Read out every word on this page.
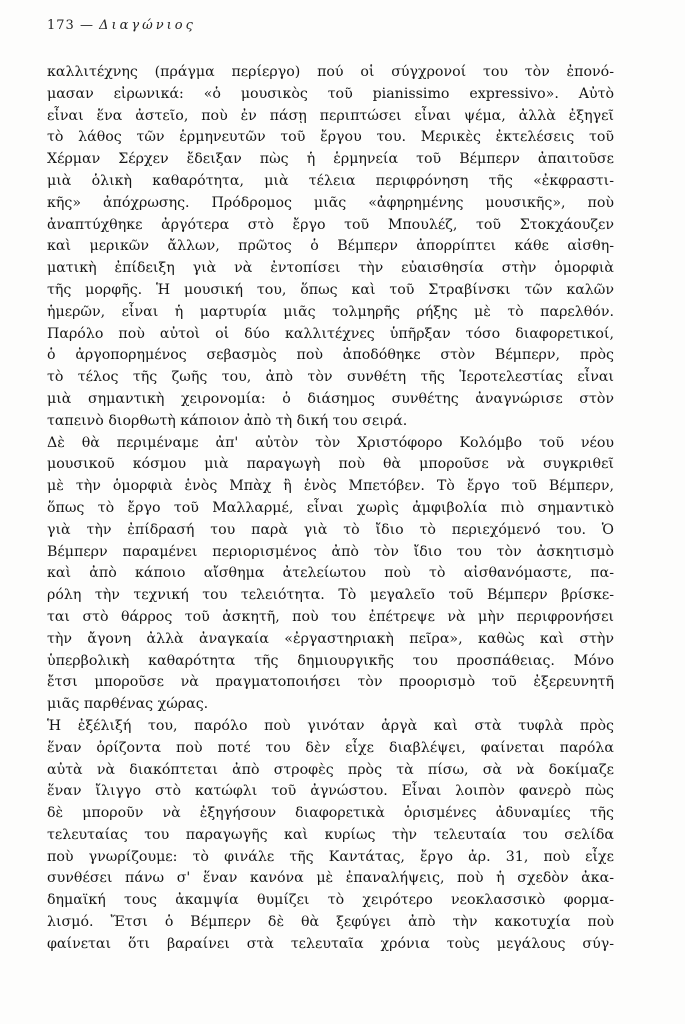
173 — Διαγώνιος
καλλιτέχνης (πράγμα περίεργο) πού οἱ σύγχρονοί του τὸν ἐπονό-
μασαν εἰρωνικά: «ὁ μουσικὸς τοῦ pianissimo expressivo». Αὐτὸ
εἶναι ἕνα ἀστεῖο, ποὺ ἐν πάσῃ περιπτώσει εἶναι ψέμα, ἀλλὰ ἐξηγεῖ
τὸ λάθος τῶν ἑρμηνευτῶν τοῦ ἔργου του. Μερικὲς ἐκτελέσεις τοῦ
Χέρμαν Σέρχεν ἔδειξαν πὼς ἡ ἑρμηνεία τοῦ Βέμπερν ἀπαιτοῦσε
μιὰ ὁλικὴ καθαρότητα, μιὰ τέλεια περιφρόνηση τῆς «ἐκφραστι-
κῆς» ἀπόχρωσης. Πρόδρομος μιᾶς «ἀφηρημένης μουσικῆς», ποὺ
ἀναπτύχθηκε ἀργότερα στὸ ἔργο τοῦ Μπουλέζ, τοῦ Στοκχάουζεν
καὶ μερικῶν ἄλλων, πρῶτος ὁ Βέμπερν ἀπορρίπτει κάθε αἰσθη-
ματικὴ ἐπίδειξη γιὰ νὰ ἐντοπίσει τὴν εὐαισθησία στὴν ὁμορφιὰ
τῆς μορφῆς. Ἡ μουσική του, ὅπως καὶ τοῦ Στραβίνσκι τῶν καλῶν
ἡμερῶν, εἶναι ἡ μαρτυρία μιᾶς τολμηρῆς ρήξης μὲ τὸ παρελθόν.
Παρόλο ποὺ αὐτοὶ οἱ δύο καλλιτέχνες ὑπῆρξαν τόσο διαφορετικοί,
ὁ ἀργοπορημένος σεβασμὸς ποὺ ἀποδόθηκε στὸν Βέμπερν, πρὸς
τὸ τέλος τῆς ζωῆς του, ἀπὸ τὸν συνθέτη τῆς Ἱεροτελεστίας εἶναι
μιὰ σημαντικὴ χειρονομία: ὁ διάσημος συνθέτης ἀναγνώρισε στὸν
ταπεινὸ διορθωτὴ κάποιον ἀπὸ τὴ δική του σειρά.
Δὲ θὰ περιμέναμε ἀπ' αὐτὸν τὸν Χριστόφορο Κολόμβο τοῦ νέου
μουσικοῦ κόσμου μιὰ παραγωγὴ ποὺ θὰ μποροῦσε νὰ συγκριθεῖ
μὲ τὴν ὁμορφιὰ ἑνὸς Μπὰχ ἢ ἑνὸς Μπετόβεν. Τὸ ἔργο τοῦ Βέμπερν,
ὅπως τὸ ἔργο τοῦ Μαλλαρμέ, εἶναι χωρὶς ἀμφιβολία πιὸ σημαντικὸ
γιὰ τὴν ἐπίδρασή του παρὰ γιὰ τὸ ἴδιο τὸ περιεχόμενό του. Ὁ
Βέμπερν παραμένει περιορισμένος ἀπὸ τὸν ἴδιο του τὸν ἀσκητισμὸ
καὶ ἀπὸ κάποιο αἴσθημα ἀτελείωτου ποὺ τὸ αἰσθανόμαστε, πα-
ρόλη τὴν τεχνική του τελειότητα. Τὸ μεγαλεῖο τοῦ Βέμπερν βρίσκε-
ται στὸ θάρρος τοῦ ἀσκητῆ, ποὺ του ἐπέτρεψε νὰ μὴν περιφρονήσει
τὴν ἄγονη ἀλλὰ ἀναγκαία «ἐργαστηριακὴ πεῖρα», καθὼς καὶ στὴν
ὑπερβολικὴ καθαρότητα τῆς δημιουργικῆς του προσπάθειας. Μόνο
ἔτσι μποροῦσε νὰ πραγματοποιήσει τὸν προορισμὸ τοῦ ἐξερευνητῆ
μιᾶς παρθένας χώρας.
Ἡ ἐξέλιξή του, παρόλο ποὺ γινόταν ἀργὰ καὶ στὰ τυφλὰ πρὸς
ἕναν ὁρίζοντα ποὺ ποτέ του δὲν εἶχε διαβλέψει, φαίνεται παρόλα
αὐτὰ νὰ διακόπτεται ἀπὸ στροφὲς πρὸς τὰ πίσω, σὰ νὰ δοκίμαζε
ἕναν ἴλιγγο στὸ κατώφλι τοῦ ἀγνώστου. Εἶναι λοιπὸν φανερὸ πὼς
δὲ μποροῦν νὰ ἐξηγήσουν διαφορετικὰ ὁρισμένες ἀδυναμίες τῆς
τελευταίας του παραγωγῆς καὶ κυρίως τὴν τελευταία του σελίδα
ποὺ γνωρίζουμε: τὸ φινάλε τῆς Καντάτας, ἔργο ἀρ. 31, ποὺ εἶχε
συνθέσει πάνω σ' ἕναν κανόνα μὲ ἐπαναλήψεις, ποὺ ἡ σχεδὸν ἀκα-
δημαϊκή τους ἀκαμψία θυμίζει τὸ χειρότερο νεοκλασσικὸ φορμα-
λισμό. Ἔτσι ὁ Βέμπερν δὲ θὰ ξεφύγει ἀπὸ τὴν κακοτυχία ποὺ
φαίνεται ὅτι βαραίνει στὰ τελευταῖα χρόνια τοὺς μεγάλους σύγ-
